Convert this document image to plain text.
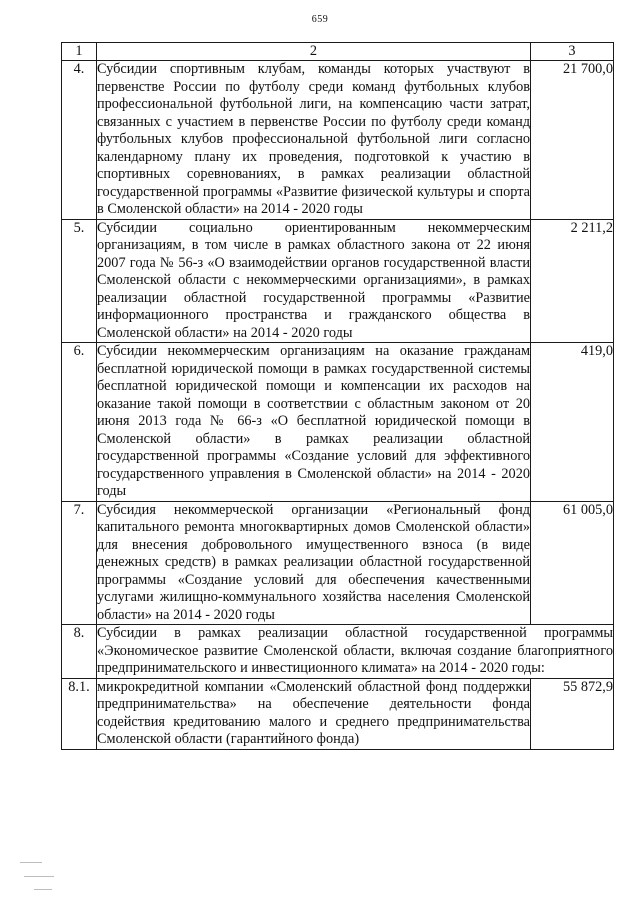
659
1	2	3
4.	Субсидии спортивным клубам, команды которых участвуют в первенстве России по футболу среди команд футбольных клубов профессиональной футбольной лиги, на компенсацию части затрат, связанных с участием в первенстве России по футболу среди команд футбольных клубов профессиональной футбольной лиги согласно календарному плану их проведения, подготовкой к участию в спортивных соревнованиях, в рамках реализации областной государственной программы «Развитие физической культуры и спорта в Смоленской области» на 2014 - 2020 годы	21 700,0
5.	Субсидии социально ориентированным некоммерческим организациям, в том числе в рамках областного закона от 22 июня 2007 года № 56-з «О взаимодействии органов государственной власти Смоленской области с некоммерческими организациями», в рамках реализации областной государственной программы «Развитие информационного пространства и гражданского общества в Смоленской области» на 2014 - 2020 годы	2 211,2
6.	Субсидии некоммерческим организациям на оказание гражданам бесплатной юридической помощи в рамках государственной системы бесплатной юридической помощи и компенсации их расходов на оказание такой помощи в соответствии с областным законом от 20 июня 2013 года № 66-з «О бесплатной юридической помощи в Смоленской области» в рамках реализации областной государственной программы «Создание условий для эффективного государственного управления в Смоленской области» на 2014 - 2020 годы	419,0
7.	Субсидия некоммерческой организации «Региональный фонд капитального ремонта многоквартирных домов Смоленской области» для внесения добровольного имущественного взноса (в виде денежных средств) в рамках реализации областной государственной программы «Создание условий для обеспечения качественными услугами жилищно-коммунального хозяйства населения Смоленской области» на 2014 - 2020 годы	61 005,0
8.	Субсидии в рамках реализации областной государственной программы «Экономическое развитие Смоленской области, включая создание благоприятного предпринимательского и инвестиционного климата» на 2014 - 2020 годы:	
8.1.	микрокредитной компании «Смоленский областной фонд поддержки предпринимательства» на обеспечение деятельности фонда содействия кредитованию малого и среднего предпринимательства Смоленской области (гарантийного фонда)	55 872,9
